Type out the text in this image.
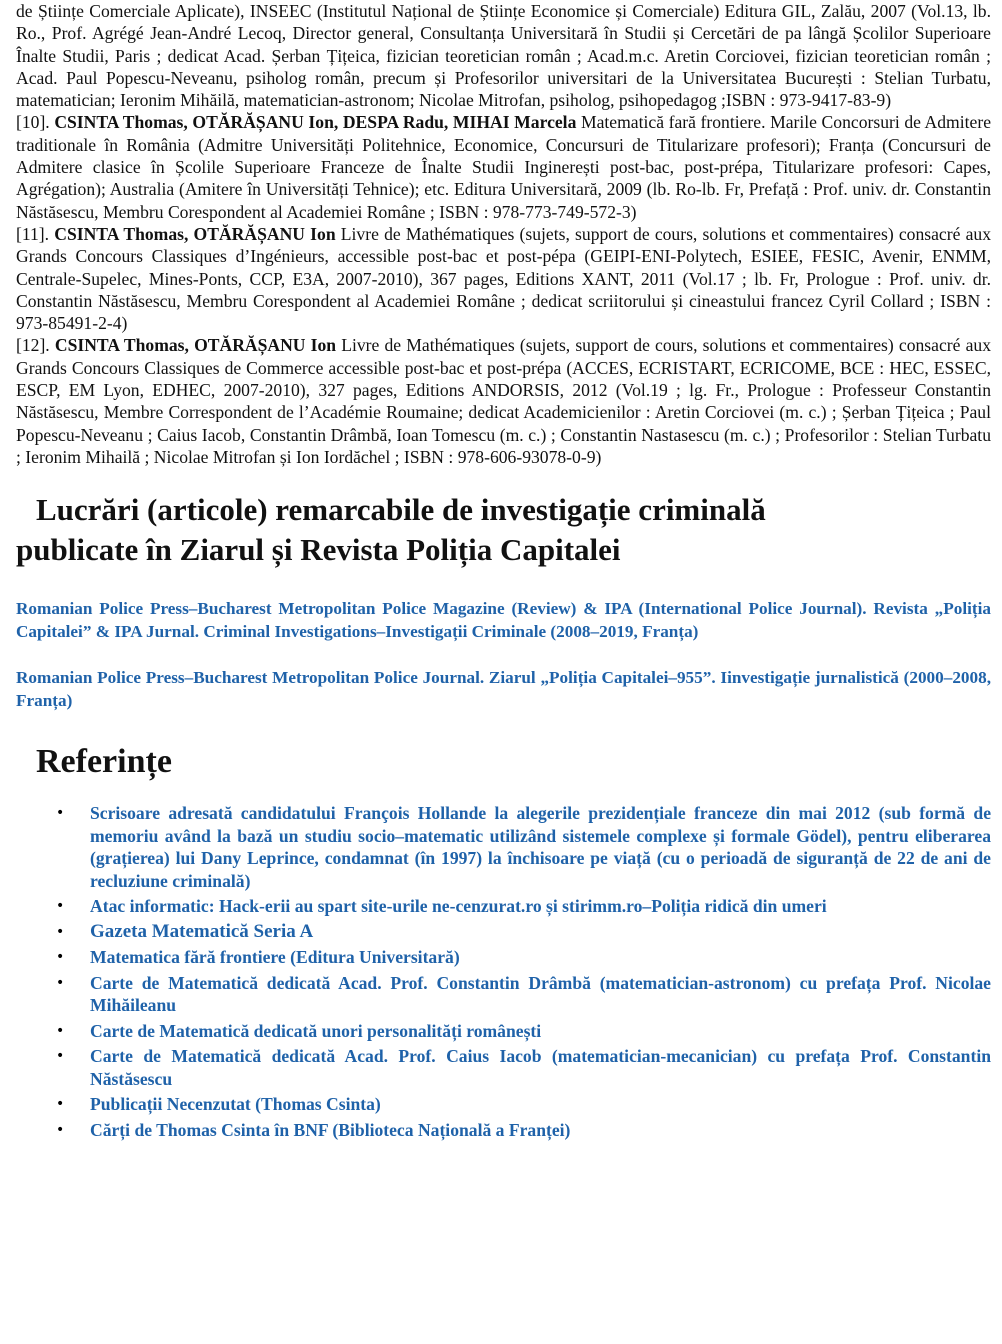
de Științe Comerciale Aplicate), INSEEC (Institutul Național de Științe Economice și Comerciale) Editura GIL, Zalău, 2007 (Vol.13, lb. Ro., Prof. Agrégé Jean-André Lecoq, Director general, Consultanța Universitară în Studii și Cercetări de pa lângă Școlilor Superioare Înalte Studii, Paris ; dedicat Acad. Șerban Țițeica, fizician teoretician român ; Acad.m.c. Aretin Corciovei, fizician teoretician român ; Acad. Paul Popescu-Neveanu, psiholog român, precum și Profesorilor universitari de la Universitatea București : Stelian Turbatu, matematician; Ieronim Mihăilă, matematician-astronom; Nicolae Mitrofan, psiholog, psihopedagog ;ISBN : 973-9417-83-9)

[10]. CSINTA Thomas, OTĂRĂȘANU Ion, DESPA Radu, MIHAI Marcela Matematică fară frontiere. Marile Concorsuri de Admitere traditionale în România (Admitre Universități Politehnice, Economice, Concursuri de Titularizare profesori); Franța (Concursuri de Admitere clasice în Școlile Superioare Franceze de Înalte Studii Inginerești post-bac, post-prépa, Titularizare profesori: Capes, Agrégation); Australia (Amitere în Universități Tehnice); etc. Editura Universitară, 2009 (lb. Ro-lb. Fr, Prefață : Prof. univ. dr. Constantin Năstăsescu, Membru Corespondent al Academiei Române ; ISBN : 978-773-749-572-3)

[11]. CSINTA Thomas, OTĂRĂȘANU Ion Livre de Mathématiques (sujets, support de cours, solutions et commentaires) consacré aux Grands Concours Classiques d’Ingénieurs, accessible post-bac et post-pépa (GEIPI-ENI-Polytech, ESIEE, FESIC, Avenir, ENMM, Centrale-Supelec, Mines-Ponts, CCP, E3A, 2007-2010), 367 pages, Editions XANT, 2011 (Vol.17 ; lb. Fr, Prologue : Prof. univ. dr. Constantin Năstăsescu, Membru Corespondent al Academiei Române ; dedicat scriitorului și cineastului francez Cyril Collard ; ISBN : 973-85491-2-4)

[12]. CSINTA Thomas, OTĂRĂȘANU Ion Livre de Mathématiques (sujets, support de cours, solutions et commentaires) consacré aux Grands Concours Classiques de Commerce accessible post-bac et post-prépa (ACCES, ECRISTART, ECRICOME, BCE : HEC, ESSEC, ESCP, EM Lyon, EDHEC, 2007-2010), 327 pages, Editions ANDORSIS, 2012 (Vol.19 ; lg. Fr., Prologue : Professeur Constantin Năstăsescu, Membre Correspondent de l’Académie Roumaine; dedicat Academicienilor : Aretin Corciovei (m. c.) ; Șerban Țițeica ; Paul Popescu-Neveanu ; Caius Iacob, Constantin Drâmbă, Ioan Tomescu (m. c.) ; Constantin Nastasescu (m. c.) ; Profesorilor : Stelian Turbatu ; Ieronim Mihailă ; Nicolae Mitrofan și Ion Iordăchel ; ISBN : 978-606-93078-0-9)

Lucrări (articole) remarcabile de investigație criminală
publicate în Ziarul și Revista Poliția Capitalei

Romanian Police Press–Bucharest Metropolitan Police Magazine (Review) & IPA (International Police Journal). Revista „Poliția Capitalei” & IPA Jurnal. Criminal Investigations–Investigații Criminale (2008–2019, Franța)

Romanian Police Press–Bucharest Metropolitan Police Journal. Ziarul „Poliția Capitalei–955”. Iinvestigație jurnalistică (2000–2008, Franța)

Referințe
• Scrisoare adresată candidatului François Hollande la alegerile prezidențiale franceze din mai 2012 (sub formă de memoriu având la bază un studiu socio–matematic utilizând sistemele complexe și formale Gödel), pentru eliberarea (grațierea) lui Dany Leprince, condamnat (în 1997) la închisoare pe viață (cu o perioadă de siguranță de 22 de ani de recluziune criminală)
• Atac informatic: Hack-erii au spart site-urile ne-cenzurat.ro și stirimm.ro–Poliția ridică din umeri
• Gazeta Matematică Seria A
• Matematica fără frontiere (Editura Universitară)
• Carte de Matematică dedicată Acad. Prof. Constantin Drâmbă (matematician-astronom) cu prefața Prof. Nicolae Mihăileanu
• Carte de Matematică dedicată unori personalități românești
• Carte de Matematică dedicată Acad. Prof. Caius Iacob (matematician-mecanician) cu prefața Prof. Constantin Năstăsescu
• Publicații Necenzutat (Thomas Csinta)
• Cărți de Thomas Csinta în BNF (Biblioteca Națională a Franței)
